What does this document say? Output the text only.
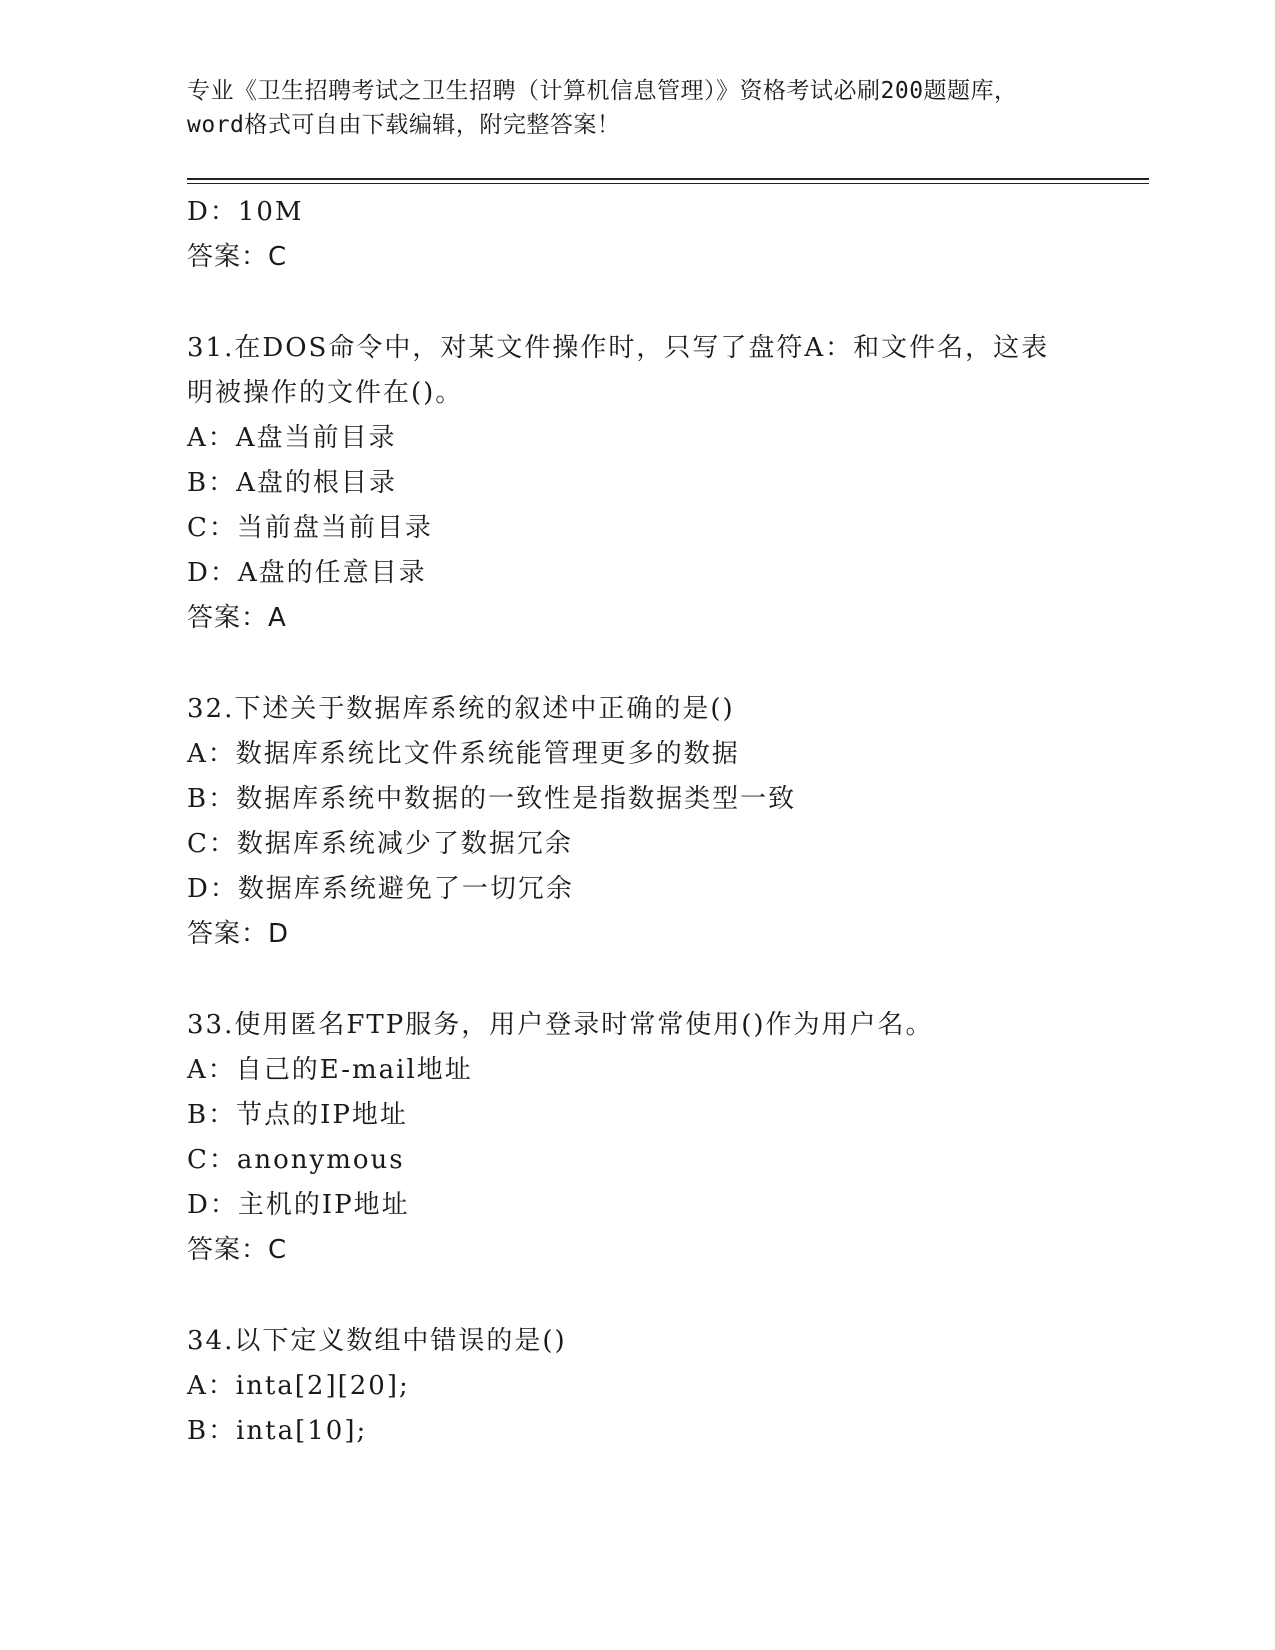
专业《卫生招聘考试之卫生招聘（计算机信息管理）》资格考试必刷200题题库，
word格式可自由下载编辑，附完整答案！
D：10M
答案：C
31.在DOS命令中，对某文件操作时，只写了盘符A：和文件名，这表
明被操作的文件在()。
A：A盘当前目录
B：A盘的根目录
C：当前盘当前目录
D：A盘的任意目录
答案：A
32.下述关于数据库系统的叙述中正确的是()
A：数据库系统比文件系统能管理更多的数据
B：数据库系统中数据的一致性是指数据类型一致
C：数据库系统减少了数据冗余
D：数据库系统避免了一切冗余
答案：D
33.使用匿名FTP服务，用户登录时常常使用()作为用户名。
A：自己的E-mail地址
B：节点的IP地址
C：anonymous
D：主机的IP地址
答案：C
34.以下定义数组中错误的是()
A：inta[2][20];
B：inta[10];
